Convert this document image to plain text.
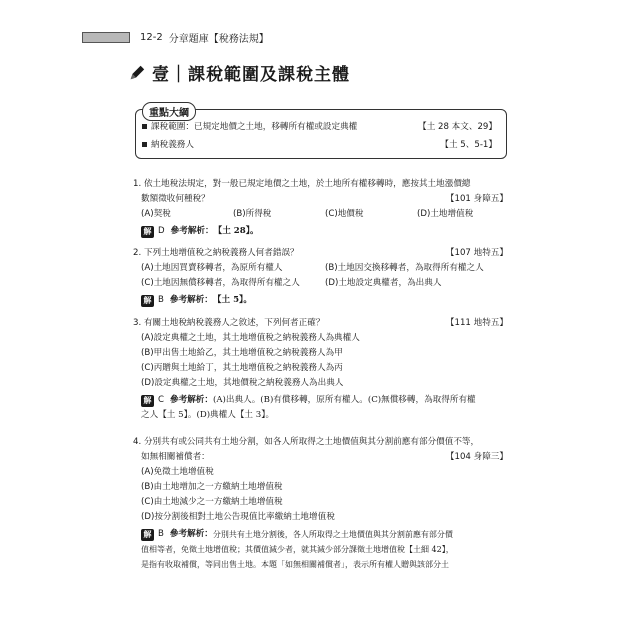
12-2 分章題庫【稅務法規】
壹｜課稅範圍及課稅主體
重點大綱
課稅範圍：已規定地價之土地，移轉所有權或設定典權	【土 28 本文、29】
納稅義務人	【土 5、5-1】
1. 依土地稅法規定，對一般已規定地價之土地，於土地所有權移轉時，應按其土地漲價總
數額徵收何種稅？	【101 身障五】
(A)契稅	(B)所得稅	(C)地價稅	(D)土地增值稅
解 D 參考解析： 【土 28】。
2. 下列土地增值稅之納稅義務人何者錯誤？	【107 地特五】
(A)土地因買賣移轉者，為原所有權人	(B)土地因交換移轉者，為取得所有權之人
(C)土地因無償移轉者，為取得所有權之人	(D)土地設定典權者，為出典人
解 B 參考解析： 【土 5】。
3. 有關土地稅納稅義務人之敘述，下列何者正確？	【111 地特五】
(A)設定典權之土地，其土地增值稅之納稅義務人為典權人
(B)甲出售土地給乙，其土地增值稅之納稅義務人為甲
(C)丙贈與土地給丁，其土地增值稅之納稅義務人為丙
(D)設定典權之土地，其地價稅之納稅義務人為出典人
解 C 參考解析： (A)出典人。(B)有償移轉，原所有權人。(C)無償移轉，為取得所有權
之人【土 5】。(D)典權人【土 3】。
4. 分別共有或公同共有土地分割，如各人所取得之土地價值與其分割前應有部分價值不等，
如無相關補償者：	【104 身障三】
(A)免徵土地增值稅
(B)由土地增加之一方繳納土地增值稅
(C)由土地減少之一方繳納土地增值稅
(D)按分割後相對土地公告現值比率繳納土地增值稅
解 B 參考解析： 分別共有土地分割後，各人所取得之土地價值與其分割前應有部分價
值相等者，免徵土地增值稅；其價值減少者，就其減少部分課徵土地增值稅【土細 42】，
是指有收取補償，等同出售土地。本題「如無相關補償者」，表示所有權人贈與該部分土
